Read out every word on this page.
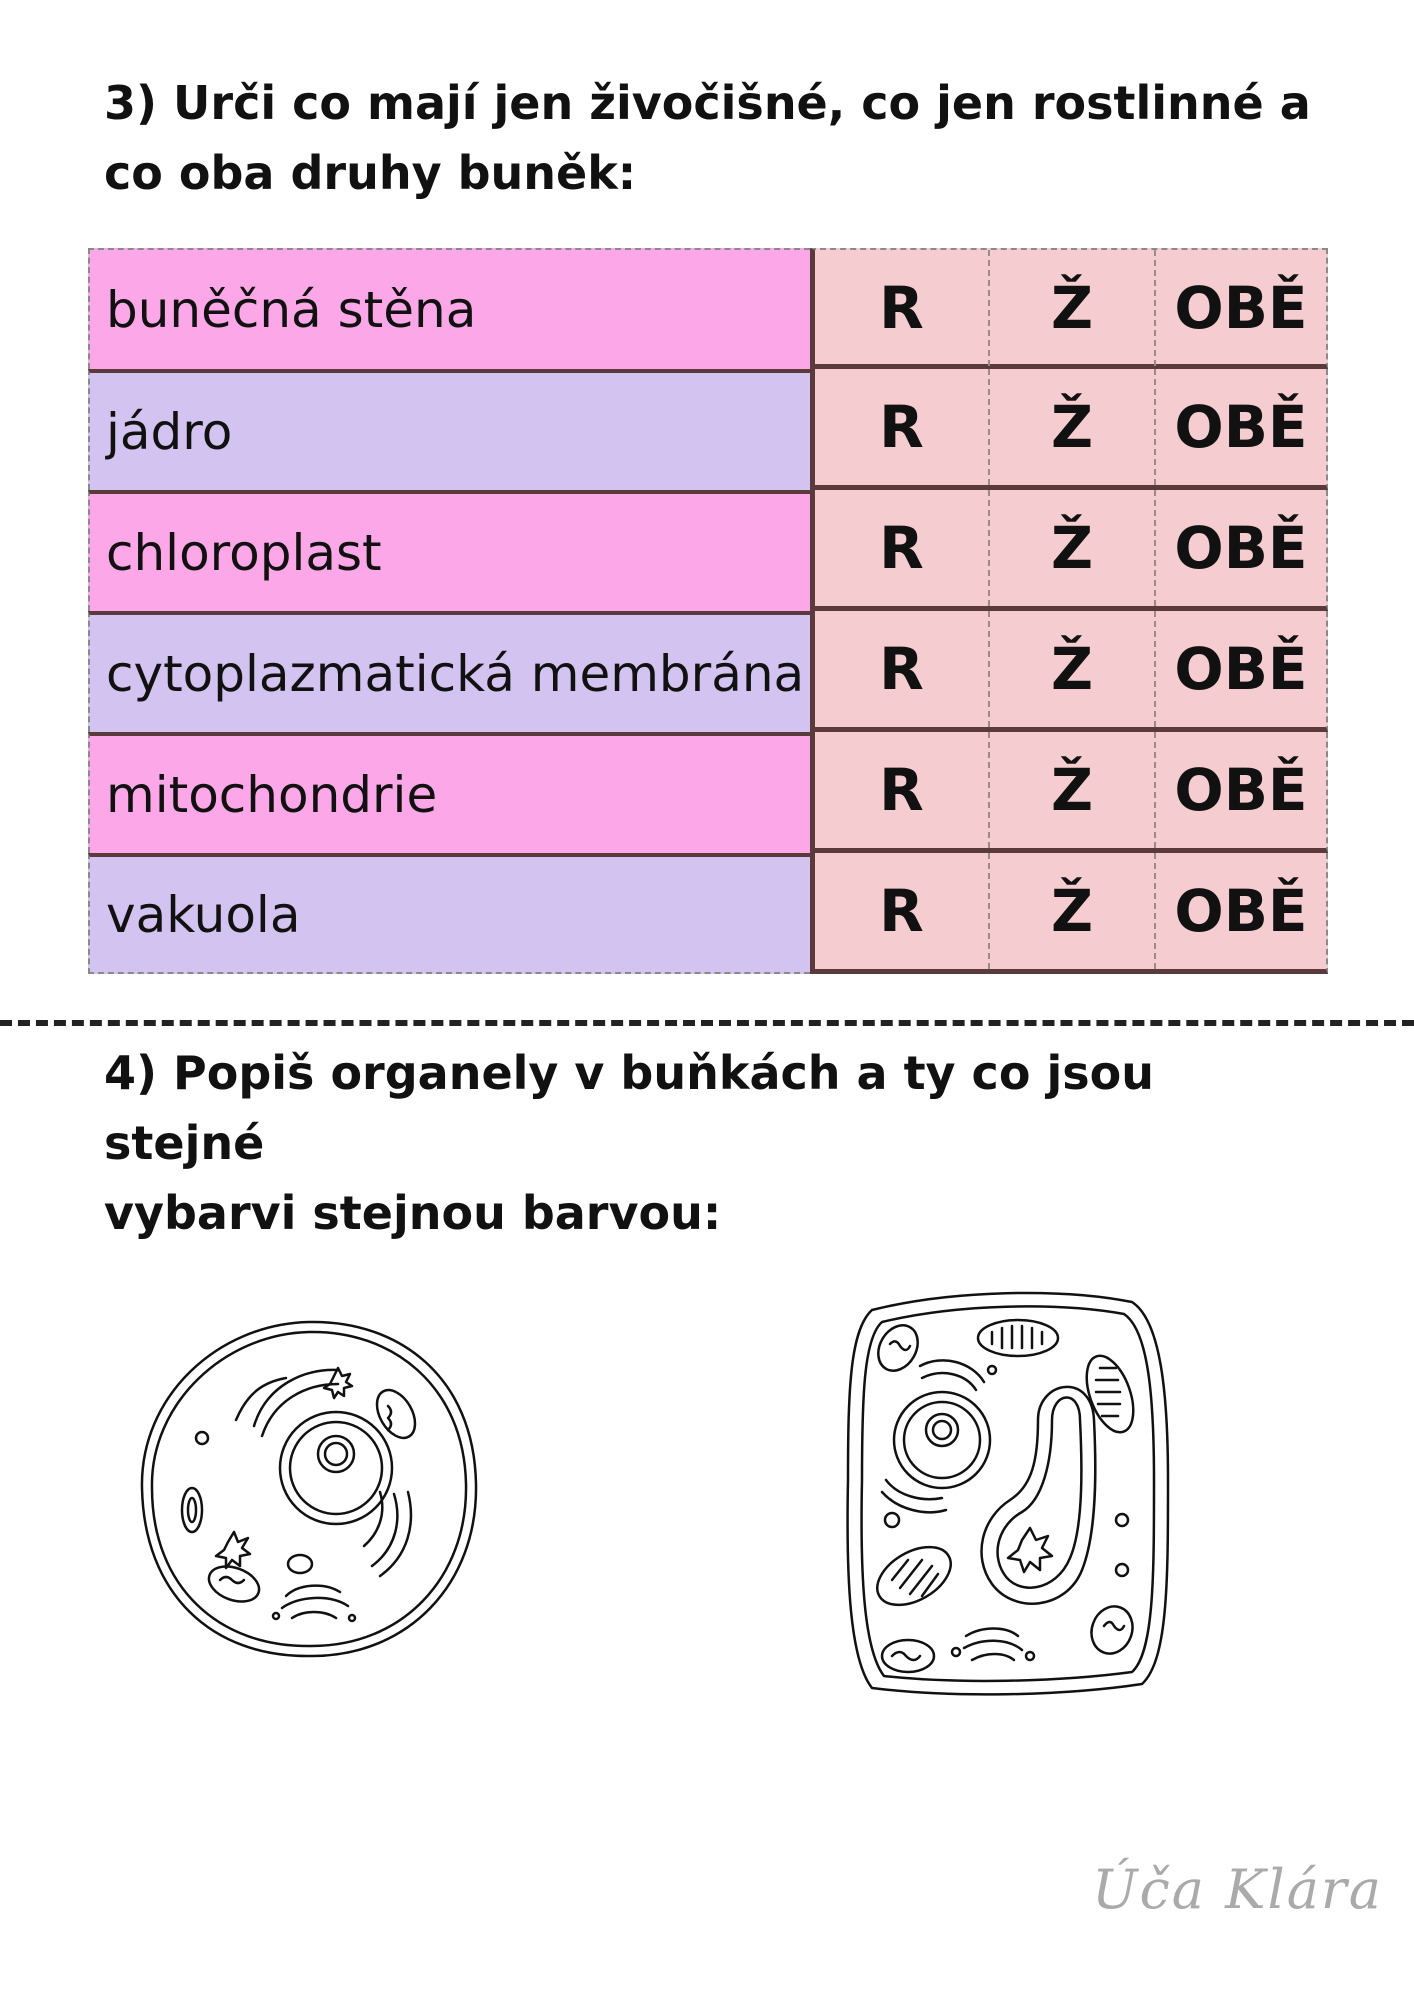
3) Urči co mají jen živočišné, co jen rostlinné a
co oba druhy buněk:
buněčná stěna	R	Ž	OBĚ
jádro	R	Ž	OBĚ
chloroplast	R	Ž	OBĚ
cytoplazmatická membrána	R	Ž	OBĚ
mitochondrie	R	Ž	OBĚ
vakuola	R	Ž	OBĚ
4) Popiš organely v buňkách a ty co jsou stejné
vybarvi stejnou barvou:
Úča Klára
